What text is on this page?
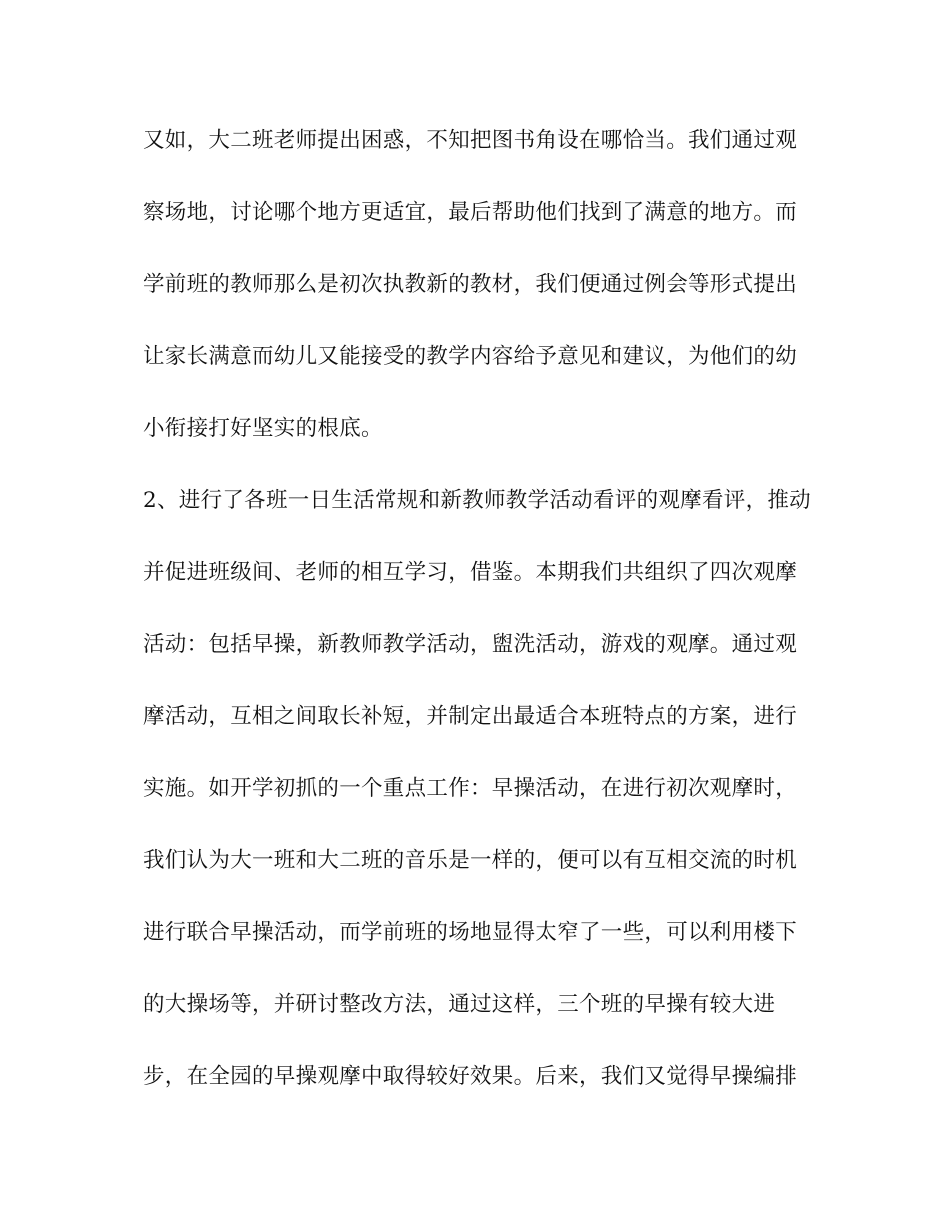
又如，大二班老师提出困惑，不知把图书角设在哪恰当。我们通过观
察场地，讨论哪个地方更适宜，最后帮助他们找到了满意的地方。而
学前班的教师那么是初次执教新的教材，我们便通过例会等形式提出
让家长满意而幼儿又能接受的教学内容给予意见和建议，为他们的幼
小衔接打好坚实的根底。
2、进行了各班一日生活常规和新教师教学活动看评的观摩看评，推动
并促进班级间、老师的相互学习，借鉴。本期我们共组织了四次观摩
活动：包括早操，新教师教学活动，盥洗活动，游戏的观摩。通过观
摩活动，互相之间取长补短，并制定出最适合本班特点的方案，进行
实施。如开学初抓的一个重点工作：早操活动，在进行初次观摩时，
我们认为大一班和大二班的音乐是一样的，便可以有互相交流的时机
进行联合早操活动，而学前班的场地显得太窄了一些，可以利用楼下
的大操场等，并研讨整改方法，通过这样，三个班的早操有较大进
步，在全园的早操观摩中取得较好效果。后来，我们又觉得早操编排
